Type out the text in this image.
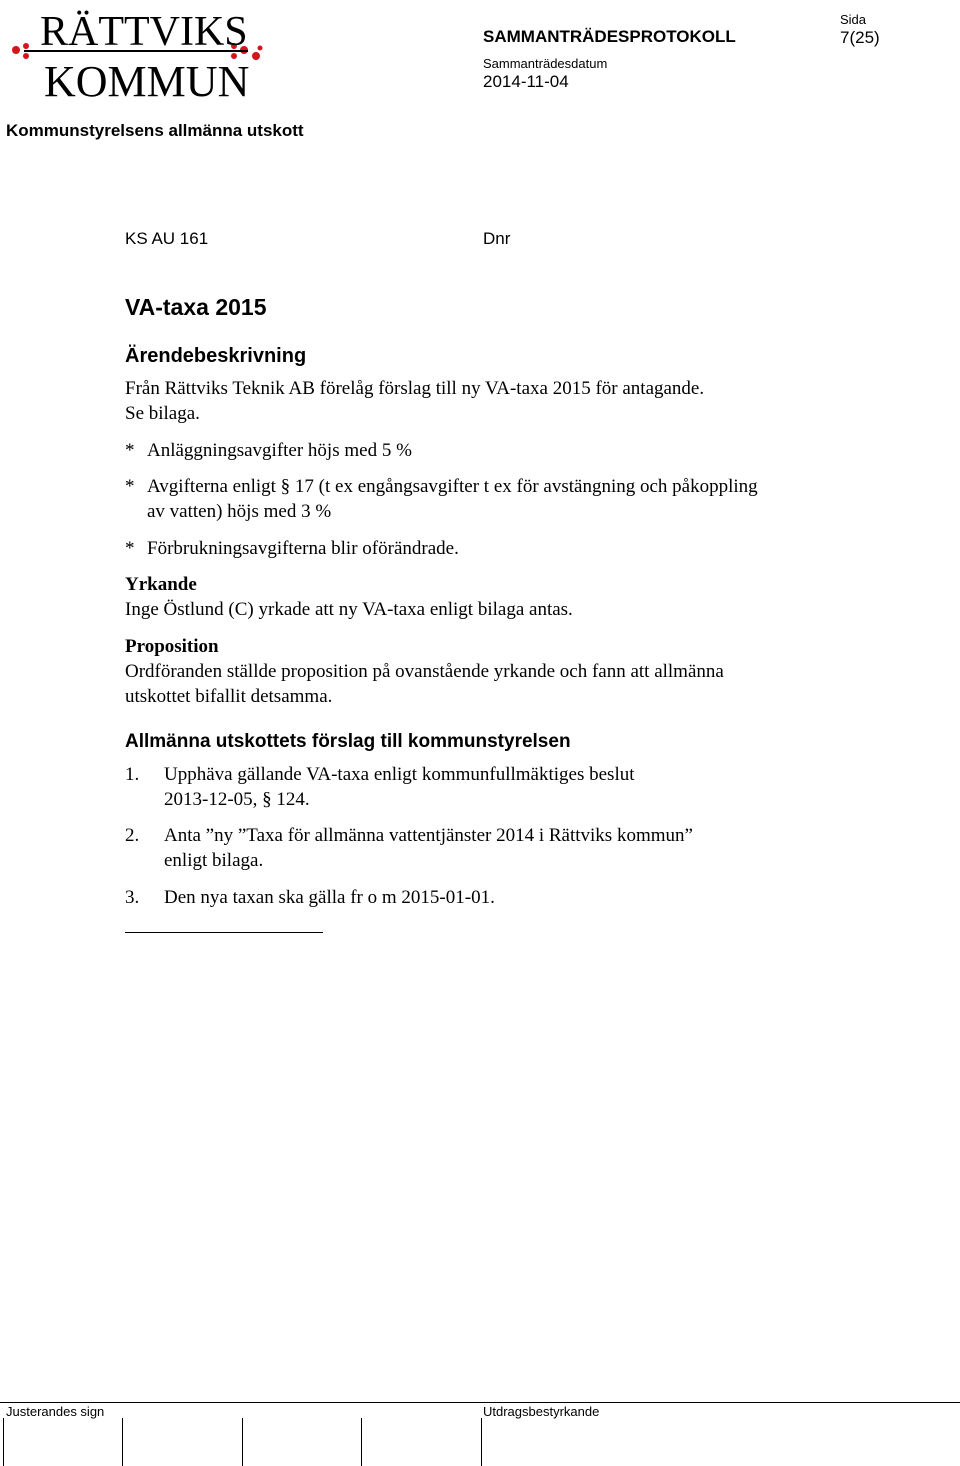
RÄTTVIKS
KOMMUN
SAMMANTRÄDESPROTOKOLL
Sida
7(25)
Sammanträdesdatum
2014-11-04
Kommunstyrelsens allmänna utskott
KS AU 161	Dnr
VA-taxa 2015
Ärendebeskrivning
Från Rättviks Teknik AB förelåg förslag till ny VA-taxa 2015 för antagande.
Se bilaga.
* Anläggningsavgifter höjs med 5 %
* Avgifterna enligt § 17 (t ex engångsavgifter t ex för avstängning och påkoppling av vatten) höjs med 3 %
* Förbrukningsavgifterna blir oförändrade.
Yrkande
Inge Östlund (C) yrkade att ny VA-taxa enligt bilaga antas.
Proposition
Ordföranden ställde proposition på ovanstående yrkande och fann att allmänna utskottet bifallit detsamma.
Allmänna utskottets förslag till kommunstyrelsen
1. Upphäva gällande VA-taxa enligt kommunfullmäktiges beslut 2013-12-05, § 124.
2. Anta ”ny ”Taxa för allmänna vattentjänster 2014 i Rättviks kommun” enligt bilaga.
3. Den nya taxan ska gälla fr o m 2015-01-01.
Justerandes sign	Utdragsbestyrkande
